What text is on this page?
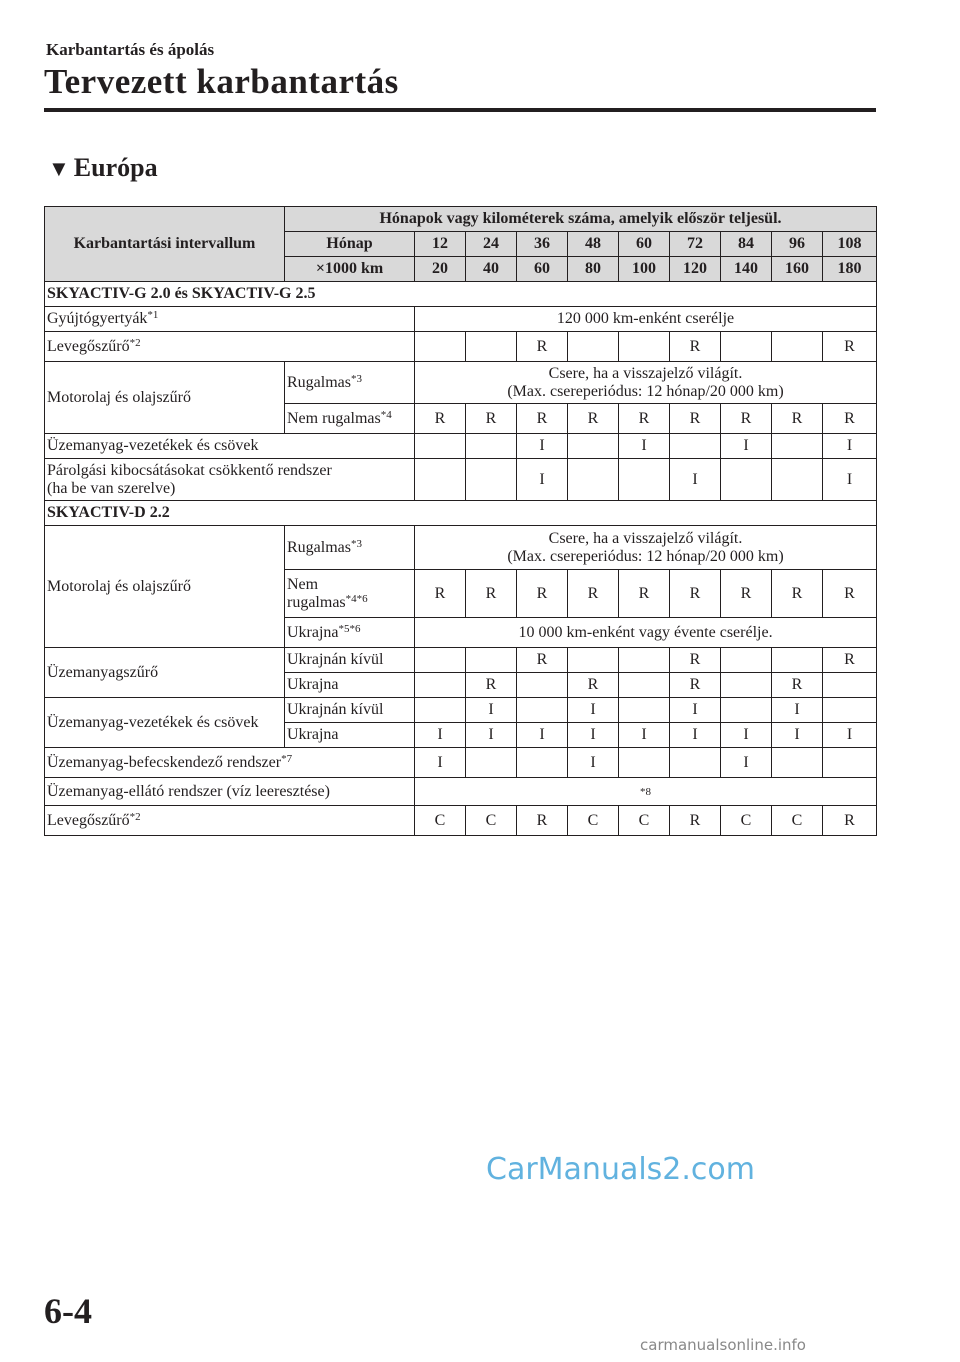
Karbantartás és ápolás
Tervezett karbantartás
▼ Európa
Karbantartási intervallum	Hónapok vagy kilométerek száma, amelyik először teljesül.									
	Hónap	12	24	36	48	60	72	84	96	108
	×1000 km	20	40	60	80	100	120	140	160	180
SKYACTIV-G 2.0 és SKYACTIV-G 2.5										
Gyújtógyertyák$^{*1}$		120 000 km-enként cserélje								
Levegőszűrő$^{*2}$				R			R			R
Motorolaj és olajszűrő	Rugalmas$^{*3}$	Csere, ha a visszajelző világít.
(Max. csereperiódus: 12 hónap/20 000 km)								

	Nem rugalmas$^{*4}$	R	R	R	R	R	R	R	R	R
Üzemanyag-vezetékek és csövek				I		I		I		I

Párolgási kibocsátásokat csökkentő rendszer
(ha be van szerelve)				I			I			I
SKYACTIV-D 2.2										
Motorolaj és olajszűrő	Rugalmas$^{*3}$	Csere, ha a visszajelző világít.
(Max. csereperiódus: 12 hónap/20 000 km)								

	Nem
rugalmas$^{*4*6}$	R	R	R	R	R	R	R	R	R
	Ukrajna$^{*5*6}$	10 000 km-enként vagy évente cserélje.								
Üzemanyagszűrő	Ukrajnán kívül			R			R			R
	Ukrajna		R		R		R		R	
Üzemanyag-vezetékek és csövek	Ukrajnán kívül		I		I		I		I	
	Ukrajna	I	I	I	I	I	I	I	I	I
Üzemanyag-befecskendező rendszer$^{*7}$		I			I			I		
Üzemanyag-ellátó rendszer (víz leeresztése)		$^{*8}$
Levegőszűrő$^{*2}$		C	C	R	C	C	R	C	C	R
CarManuals2.com
6-4
carmanualsonline.info
